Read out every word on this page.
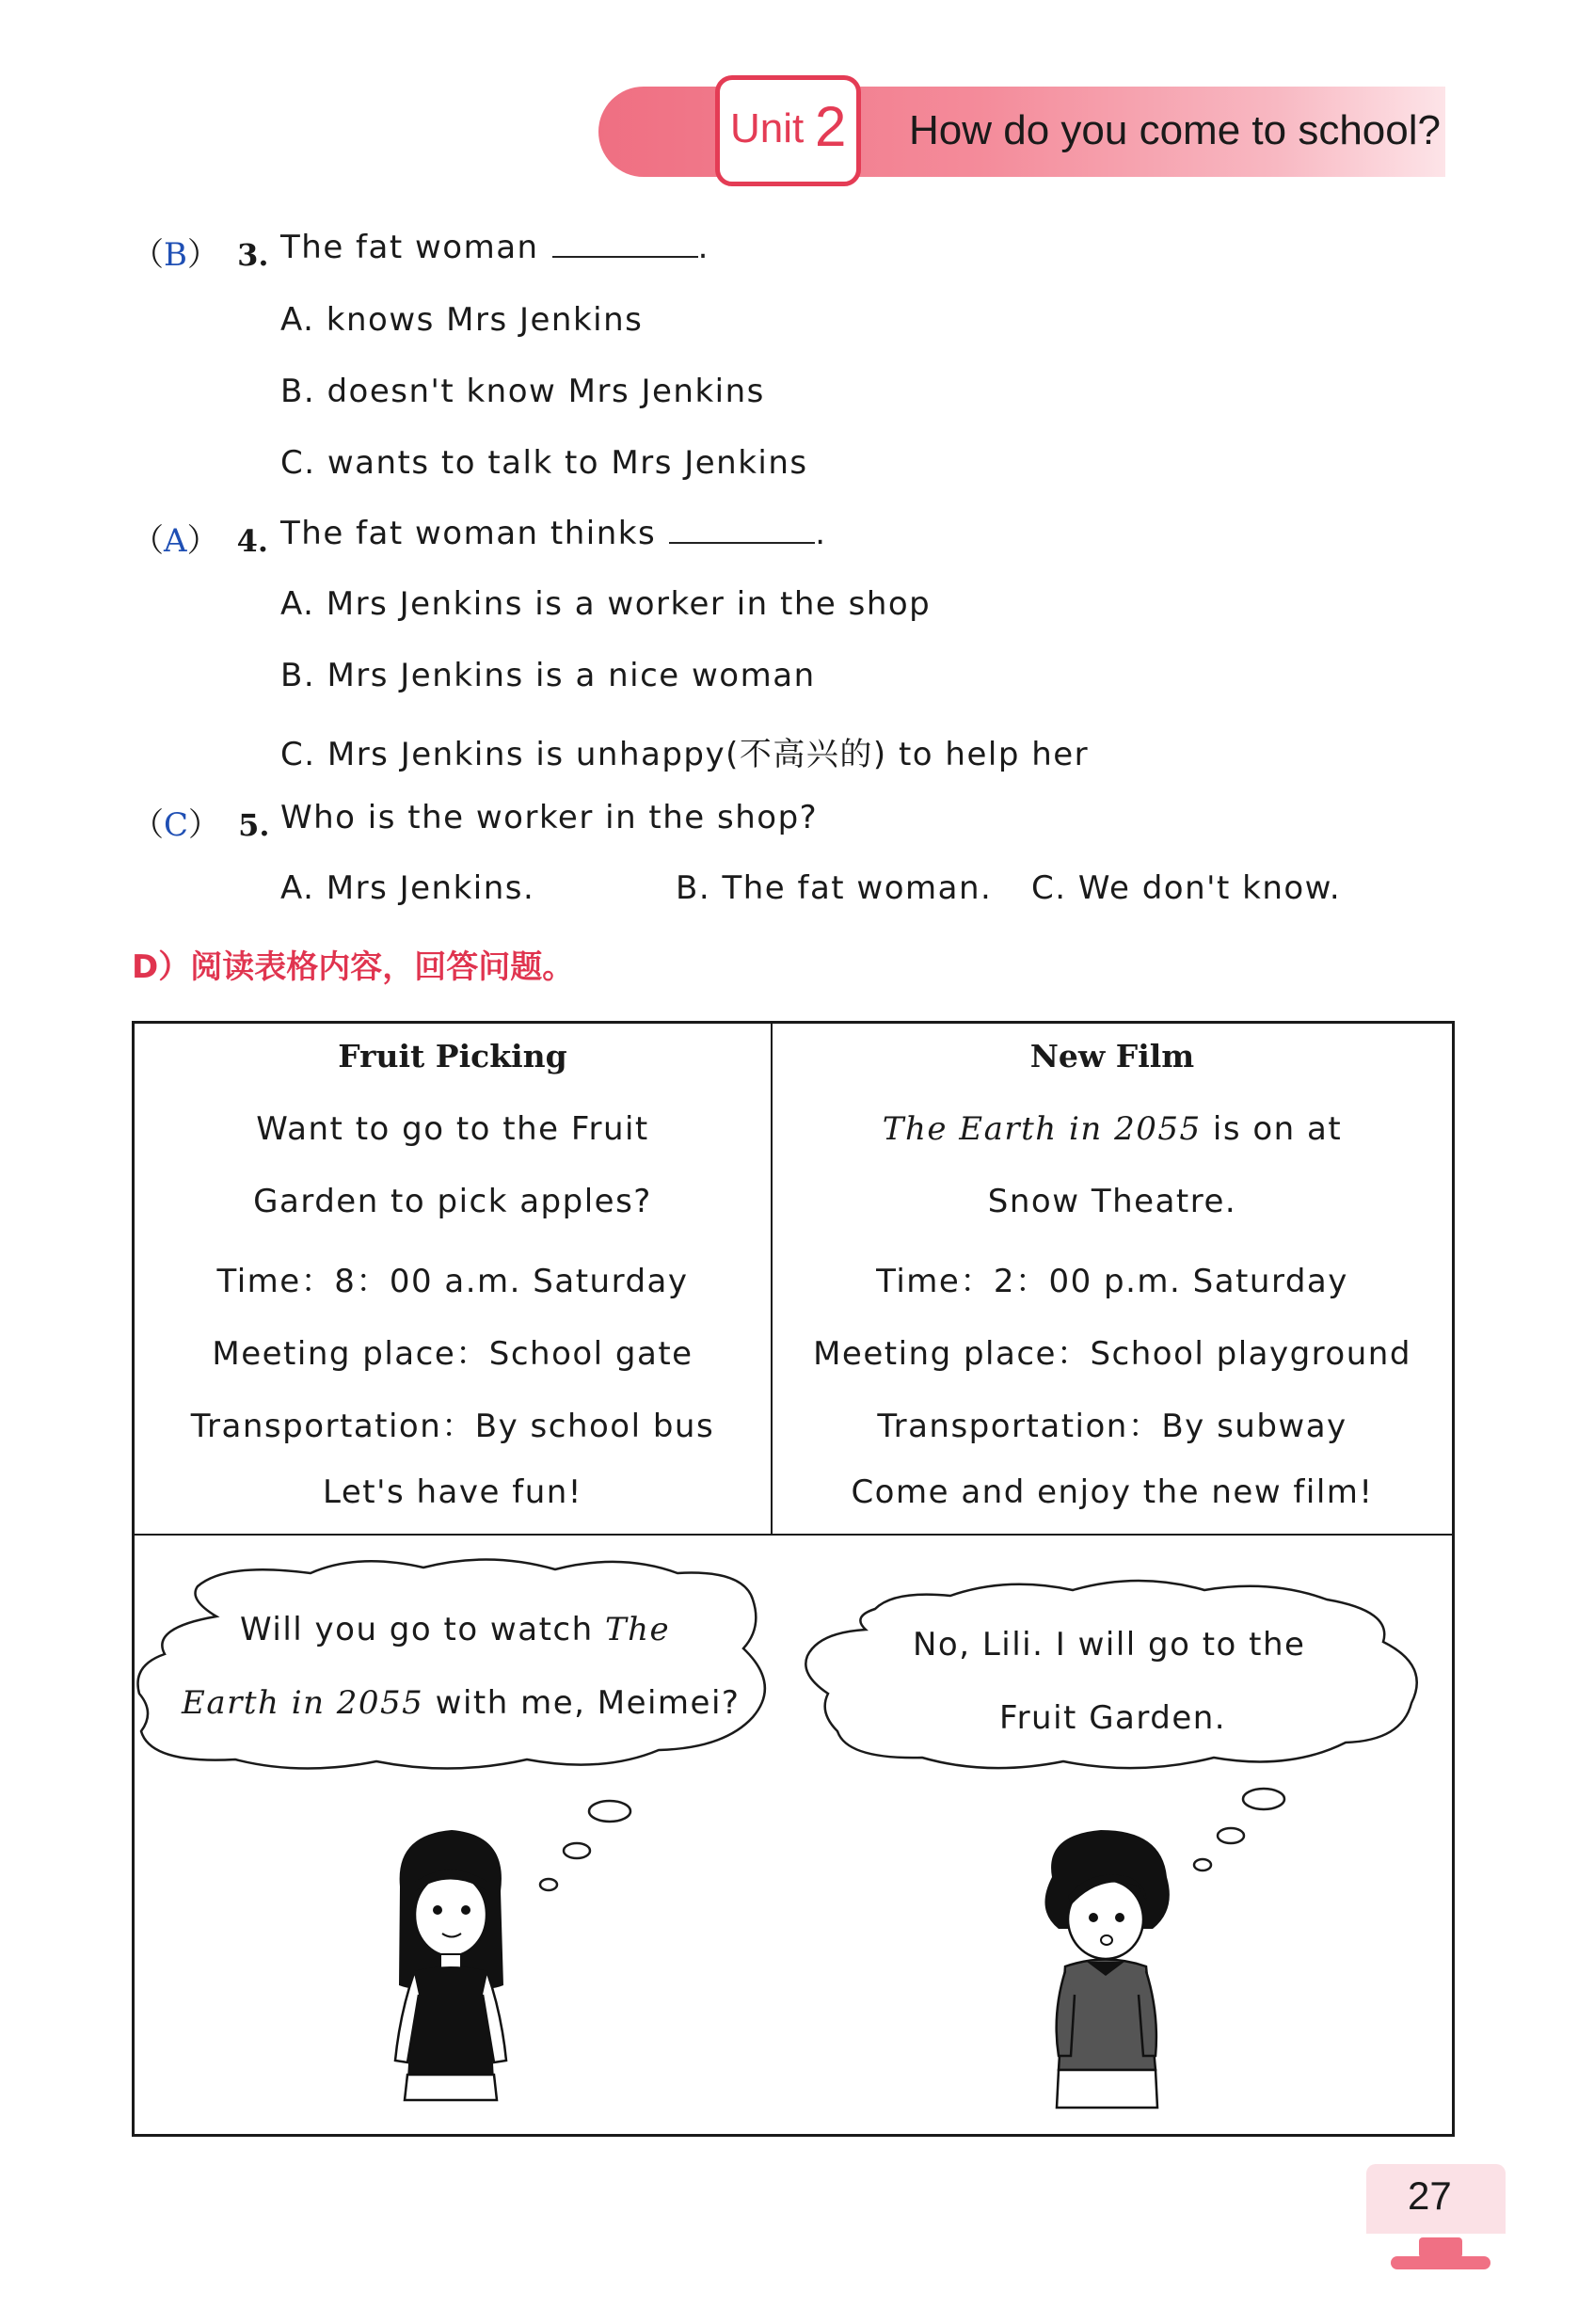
Unit 2 How do you come to school?
（B） 3. The fat woman	.
A. knows Mrs Jenkins
B. doesn't know Mrs Jenkins
C. wants to talk to Mrs Jenkins
（A） 4. The fat woman thinks	.
A. Mrs Jenkins is a worker in the shop
B. Mrs Jenkins is a nice woman
C. Mrs Jenkins is unhappy(不高兴的) to help her
（C） 5. Who is the worker in the shop?
A. Mrs Jenkins.	B. The fat woman. C. We don't know.
D）阅读表格内容，回答问题。
Fruit Picking
Want to go to the Fruit
Garden to pick apples?
Time：8：00 a.m. Saturday
Meeting place：School gate
Transportation：By school bus
Let's have fun!
New Film
The Earth in 2055 is on at
Snow Theatre.
Time：2：00 p.m. Saturday
Meeting place：School playground
Transportation：By subway
Come and enjoy the new film!
Will you go to watch The
Earth in 2055 with me, Meimei?
No, Lili. I will go to the
Fruit Garden.
27
